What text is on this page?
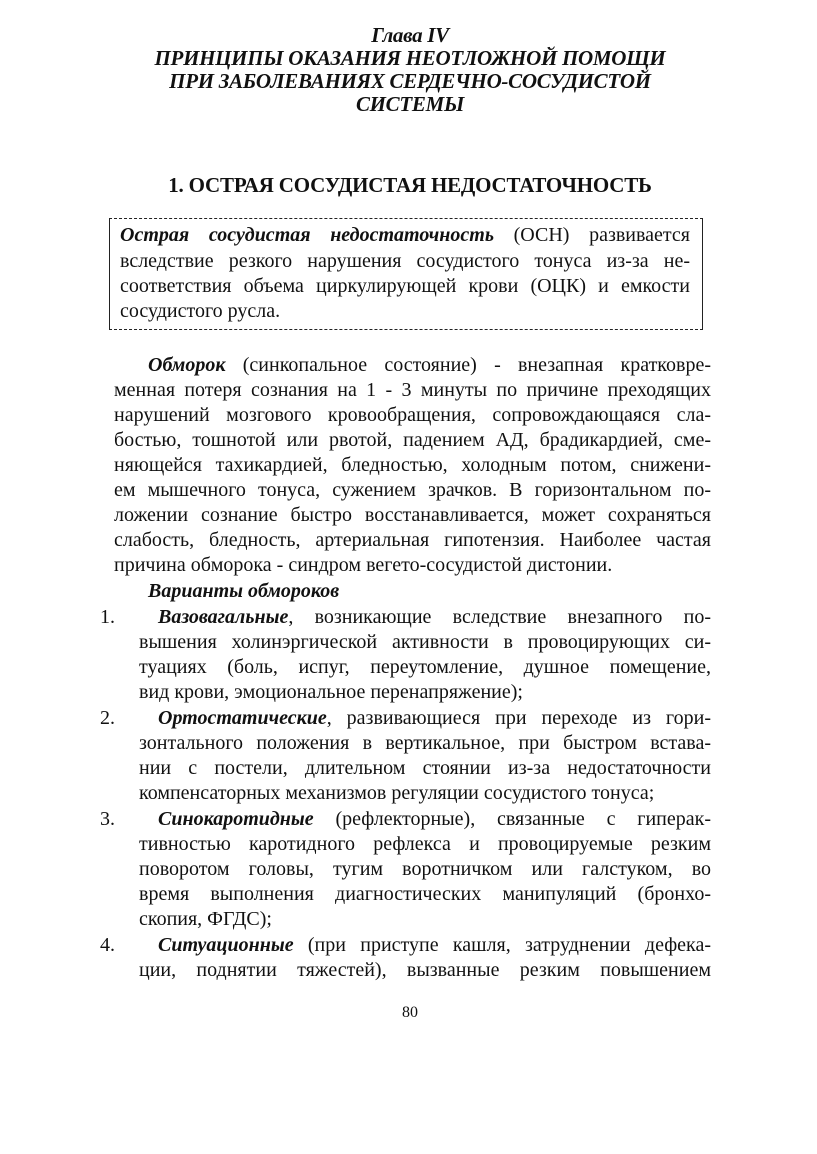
Глава IV
ПРИНЦИПЫ ОКАЗАНИЯ НЕОТЛОЖНОЙ ПОМОЩИ
ПРИ ЗАБОЛЕВАНИЯХ СЕРДЕЧНО-СОСУДИСТОЙ
СИСТЕМЫ
1. ОСТРАЯ СОСУДИСТАЯ НЕДОСТАТОЧНОСТЬ
Острая сосудистая недостаточность (ОСН) развивается
вследствие резкого нарушения сосудистого тонуса из-за не-
соответствия объема циркулирующей крови (ОЦК) и емкости
сосудистого русла.
Обморок (синкопальное состояние) - внезапная кратковре-
менная потеря сознания на 1 - 3 минуты по причине преходящих
нарушений мозгового кровообращения, сопровождающаяся сла-
бостью, тошнотой или рвотой, падением АД, брадикардией, сме-
няющейся тахикардией, бледностью, холодным потом, снижени-
ем мышечного тонуса, сужением зрачков. В горизонтальном по-
ложении сознание быстро восстанавливается, может сохраняться
слабость, бледность, артериальная гипотензия. Наиболее частая
причина обморока - синдром вегето-сосудистой дистонии.
Варианты обмороков
1. Вазовагальные, возникающие вследствие внезапного по-
вышения холинэргической активности в провоцирующих си-
туациях (боль, испуг, переутомление, душное помещение,
вид крови, эмоциональное перенапряжение);
2. Ортостатические, развивающиеся при переходе из гори-
зонтального положения в вертикальное, при быстром встава-
нии с постели, длительном стоянии из-за недостаточности
компенсаторных механизмов регуляции сосудистого тонуса;
3. Синокаротидные (рефлекторные), связанные с гиперак-
тивностью каротидного рефлекса и провоцируемые резким
поворотом головы, тугим воротничком или галстуком, во
время выполнения диагностических манипуляций (бронхо-
скопия, ФГДС);
4. Ситуационные (при приступе кашля, затруднении дефека-
ции, поднятии тяжестей), вызванные резким повышением
80
